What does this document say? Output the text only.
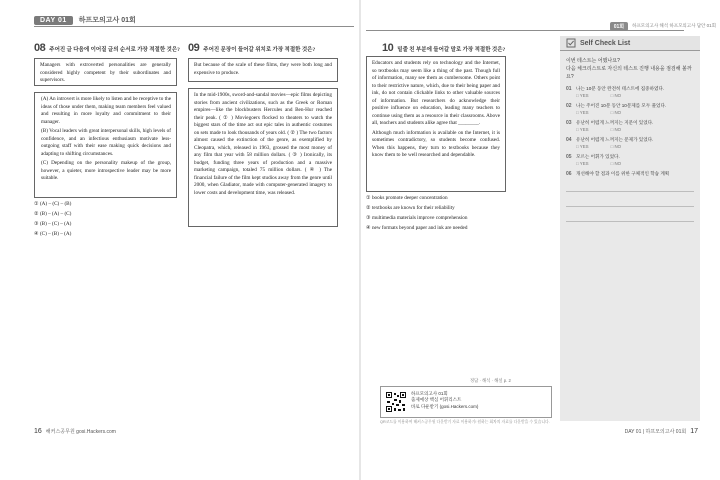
DAY 01	하프모의고사 01회
01회	하프모의고사 해석 하프모의고사 답안 01회
08 주어진 글 다음에 이어질 글의 순서로 가장 적절한 것은?

Managers with extroverted personalities are generally considered highly competent by their subordinates and supervisors.

(A) An introvert is more likely to listen and be receptive to the ideas of those under them, making team members feel valued and resulting in more loyalty and commitment to their manager.

(B) Vocal leaders with great interpersonal skills, high levels of confidence, and an infectious enthusiasm motivate less-outgoing staff with their ease making quick decisions and adapting to shifting circumstances.

(C) Depending on the personality makeup of the group, however, a quieter, more introspective leader may be more suitable.

① (A) – (C) – (B)
② (B) – (A) – (C)
③ (B) – (C) – (A)
④ (C) – (B) – (A)
09 주어진 문장이 들어갈 위치로 가장 적절한 것은?

But because of the scale of these films, they were both long and expensive to produce.

In the mid-1900s, sword-and-sandal movies—epic films depicting stories from ancient civilizations, such as the Greek or Roman empires—like the blockbusters Hercules and Ben-Hur reached their peak. ( ① ) Moviegoers flocked to theaters to watch the biggest stars of the time act out epic tales in authentic costumes on sets made to look thousands of years old. ( ② ) The two factors almost caused the extinction of the genre, as exemplified by Cleopatra, which, released in 1963, grossed the most money of any film that year with 58 million dollars. ( ③ ) Ironically, its budget, funding three years of production and a massive marketing campaign, totaled 75 million dollars. ( ④ ) The financial failure of the film kept studios away from the genre until 2000, when Gladiator, made with computer-generated imagery to lower costs and development time, was released.

10 밑줄 친 부분에 들어갈 말로 가장 적절한 것은?

Educators and students rely on technology and the Internet, so textbooks may seem like a thing of the past. Though full of information, many see them as cumbersome. Others point to their restrictive nature, which, due to their being paper and ink, do not contain clickable links to other valuable sources of information. But researchers do acknowledge their positive influence on education, leading many teachers to continue using them as a resource in their classrooms. Above all, teachers and students alike agree that ________.

Although much information is available on the Internet, it is sometimes contradictory, so students become confused. When this happens, they turn to textbooks because they know them to be well researched and dependable.

① books promote deeper concentration
② textbooks are known for their reliability
③ multimedia materials improve comprehension
④ new formats beyond paper and ink are needed
Self Check List
이번 테스트는 어땠나요?
다음 체크리스트로 자신의 테스트 진행 내용을 점검해 볼까요?
01 나는 10분 동안 완전히 테스트에 집중하였다.
□ YES	□ NO
02 나는 주어진 10분 동안 10문제를 모두 풀었다.
□ YES	□ NO
03 유난히 어렵게 느껴지는 지문이 있었다.
□ YES	□ NO
04 유난히 어렵게 느껴지는 문제가 있었다.
□ YES	□ NO
05 모르는 어휘가 있었다.
□ YES	□ NO
06 개선해야 할 점과 이를 위한 구체적인 학습 계획
정답 · 해석 · 해설 p. 2
하프모의고사 01회
출제예상 핵심 어휘리스트
바로 다운받기 (gosi.Hackers.com)
QR코드를 이용하여 해커스공무원 다운받기 자료 이용하기! 원하는 회차의 자료를 다운받을 수 있습니다.
16 해커스공무원 gosi.Hackers.com	DAY 01 | 하프모의고사 01회 17
